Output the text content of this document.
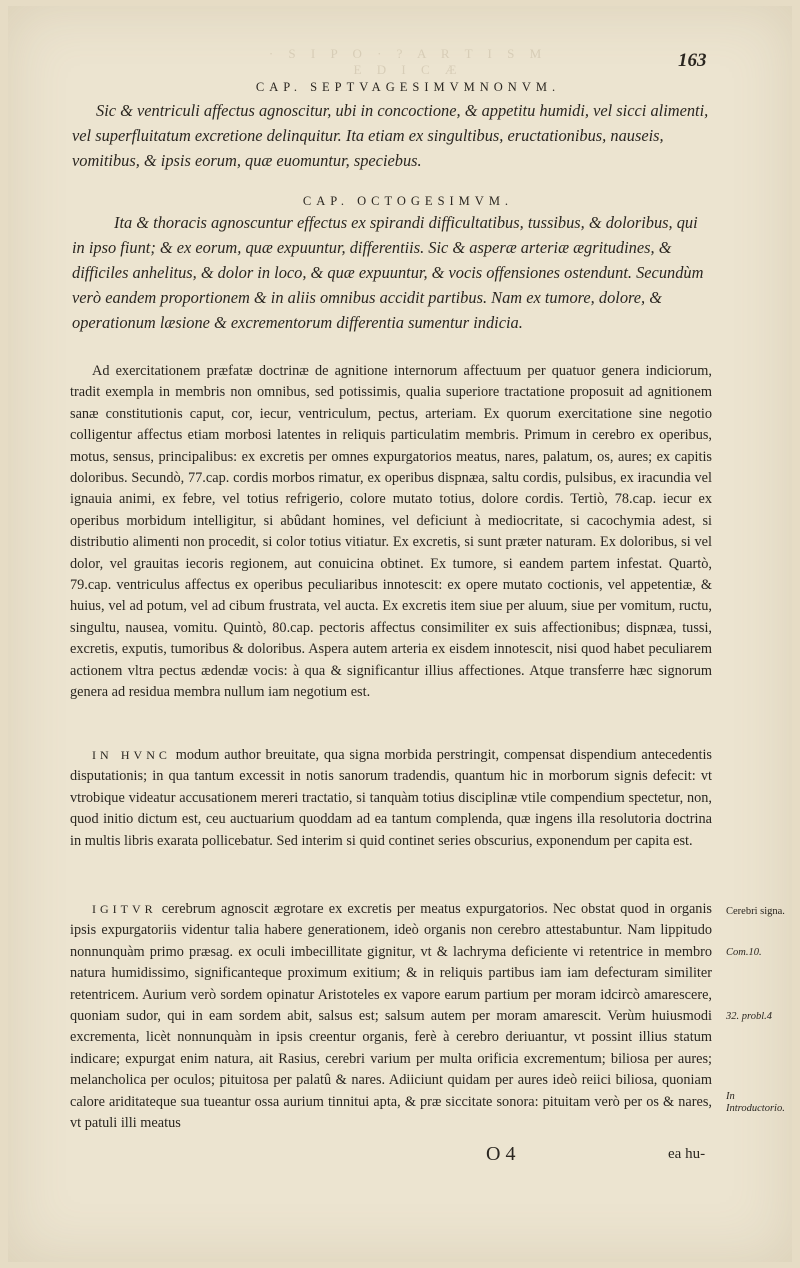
· S I P O · ? A R T I S M E D I C Æ	163
CAP. SEPTVAGESIMVMNONVM.

Sic & ventriculi affectus agnoscitur, ubi in concoctione, & appetitu humidi, vel sicci alimenti, vel superfluitatum excretione delinquitur. Ita etiam ex singultibus, eructationibus, nauseis, vomitibus, & ipsis eorum, quæ euomuntur, speciebus.

CAP. OCTOGESIMVM.

Ita & thoracis agnoscuntur effectus ex spirandi difficultatibus, tussibus, & doloribus, qui in ipso fiunt; & ex eorum, quæ expuuntur, differentiis. Sic & asperæ arteriæ ægritudines, & difficiles anhelitus, & dolor in loco, & quæ expuuntur, & vocis offensiones ostendunt. Secundùm verò eandem proportionem & in aliis omnibus accidit partibus. Nam ex tumore, dolore, & operationum læsione & excrementorum differentia sumentur indicia.

Ad exercitationem præfatæ doctrinæ de agnitione internorum affectuum per quatuor genera indiciorum, tradit exempla in membris non omnibus, sed potissimis, qualia superiore tractatione proposuit ad agnitionem sanæ constitutionis caput, cor, iecur, ventriculum, pectus, arteriam. Ex quorum exercitatione sine negotio colligentur affectus etiam morbosi latentes in reliquis particulatim membris. Primum in cerebro ex operibus, motus, sensus, principalibus: ex excretis per omnes expurgatorios meatus, nares, palatum, os, aures; ex capitis doloribus. Secundò, 77.cap. cordis morbos rimatur, ex operibus dispnæa, saltu cordis, pulsibus, ex iracundia vel ignauia animi, ex febre, vel totius refrigerio, colore mutato totius, dolore cordis. Tertiò, 78.cap. iecur ex operibus morbidum intelligitur, si abûdant homines, vel deficiunt à mediocritate, si cacochymia adest, si distributio alimenti non procedit, si color totius vitiatur. Ex excretis, si sunt præter naturam. Ex doloribus, si vel dolor, vel grauitas iecoris regionem, aut conuicina obtinet. Ex tumore, si eandem partem infestat. Quartò, 79.cap. ventriculus affectus ex operibus peculiaribus innotescit: ex opere mutato coctionis, vel appetentiæ, & huius, vel ad potum, vel ad cibum frustrata, vel aucta. Ex excretis item siue per aluum, siue per vomitum, ructu, singultu, nausea, vomitu. Quintò, 80.cap. pectoris affectus consimiliter ex suis affectionibus; dispnæa, tussi, excretis, exputis, tumoribus & doloribus. Aspera autem arteria ex eisdem innotescit, nisi quod habet peculiarem actionem vltra pectus ædendæ vocis: à qua & significantur illius affectiones. Atque transferre hæc signorum genera ad residua membra nullum iam negotium est.

IN HVNC modum author breuitate, qua signa morbida perstringit, compensat dispendium antecedentis disputationis; in qua tantum excessit in notis sanorum tradendis, quantum hic in morborum signis defecit: vt vtrobique videatur accusationem mereri tractatio, si tanquàm totius disciplinæ vtile compendium spectetur, non, quod initio dictum est, ceu auctuarium quoddam ad ea tantum complenda, quæ ingens illa resolutoria doctrina in multis libris exarata pollicebatur. Sed interim si quid continet series obscurius, exponendum per capita est.

IGITVR cerebrum agnoscit ægrotare ex excretis per meatus expurgatorios. Nec obstat quod in organis ipsis expurgatoriis videntur talia habere generationem, ideò organis non cerebro attestabuntur. Nam lippitudo nonnunquàm primo præsag. ex oculi imbecillitate gignitur, vt & lachryma deficiente vi retentrice in membro natura humidissimo, significanteque proximum exitium; & in reliquis partibus iam iam defecturam similiter retentricem. Aurium verò sordem opinatur Aristoteles ex vapore earum partium per moram idcircò amarescere, quoniam sudor, qui in eam sordem abit, salsus est; salsum autem per moram amarescit. Verùm huiusmodi excrementa, licèt nonnunquàm in ipsis creentur organis, ferè à cerebro deriuantur, vt possint illius statum indicare; expurgat enim natura, ait Rasius, cerebri varium per multa orificia excrementum; biliosa per aures; melancholica per oculos; pituitosa per palatû & nares. Adiiciunt quidam per aures ideò reiici biliosa, quoniam calore ariditateque sua tueantur ossa aurium tinnitui apta, & præ siccitate sonora: pituitam verò per os & nares, vt patuli illi meatus

Cerebri signa.

Com.10.

32. probl.4

In Introductorio.

O 4	ea hu-
